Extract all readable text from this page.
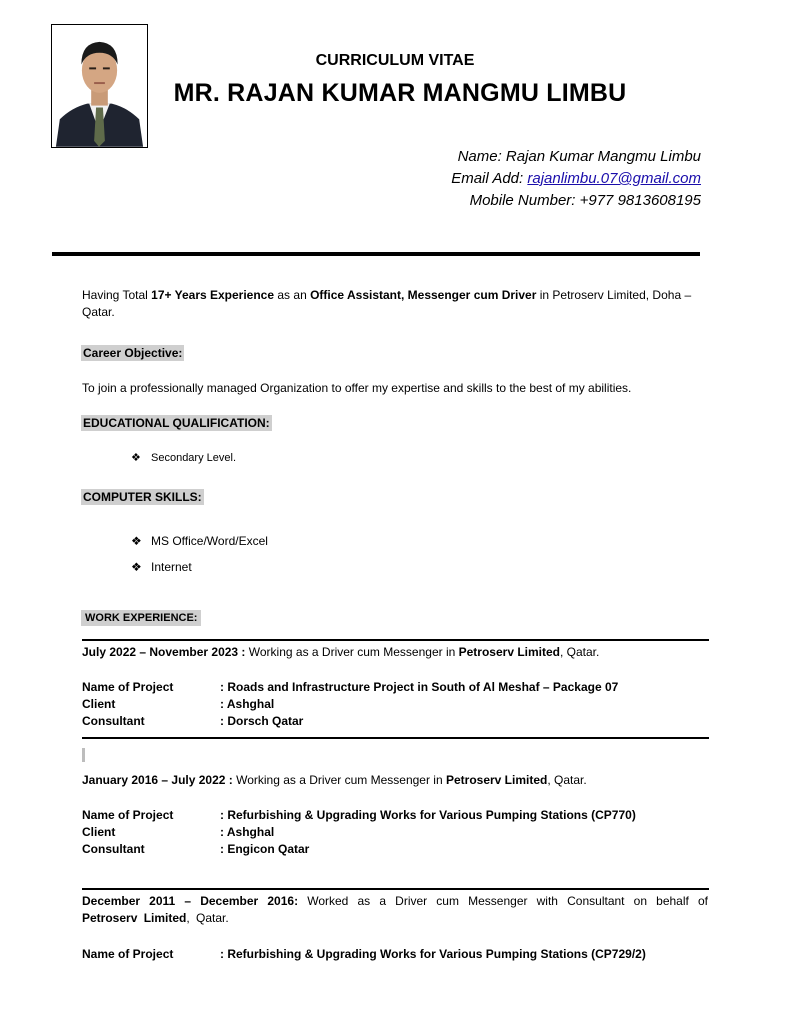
CURRICULUM VITAE
MR. RAJAN KUMAR MANGMU LIMBU
Name: Rajan Kumar Mangmu Limbu
Email Add: rajanlimbu.07@gmail.com
Mobile Number: +977 9813608195
Having Total 17+ Years Experience as an Office Assistant, Messenger cum Driver in Petroserv Limited, Doha – Qatar.
Career Objective:
To join a professionally managed Organization to offer my expertise and skills to the best of my abilities.
EDUCATIONAL QUALIFICATION:
❖ Secondary Level.
COMPUTER SKILLS:
❖ MS Office/Word/Excel
❖ Internet
WORK EXPERIENCE:
July 2022 – November 2023 : Working as a Driver cum Messenger in Petroserv Limited, Qatar.
Name of Project	: Roads and Infrastructure Project in South of Al Meshaf – Package 07
Client	: Ashghal
Consultant	: Dorsch Qatar
January 2016 – July 2022 : Working as a Driver cum Messenger in Petroserv Limited, Qatar.
Name of Project	: Refurbishing & Upgrading Works for Various Pumping Stations (CP770)
Client	: Ashghal
Consultant	: Engicon Qatar
December 2011 – December 2016: Worked as a Driver cum Messenger with Consultant on behalf of Petroserv Limited, Qatar.
Name of Project	: Refurbishing & Upgrading Works for Various Pumping Stations (CP729/2)
